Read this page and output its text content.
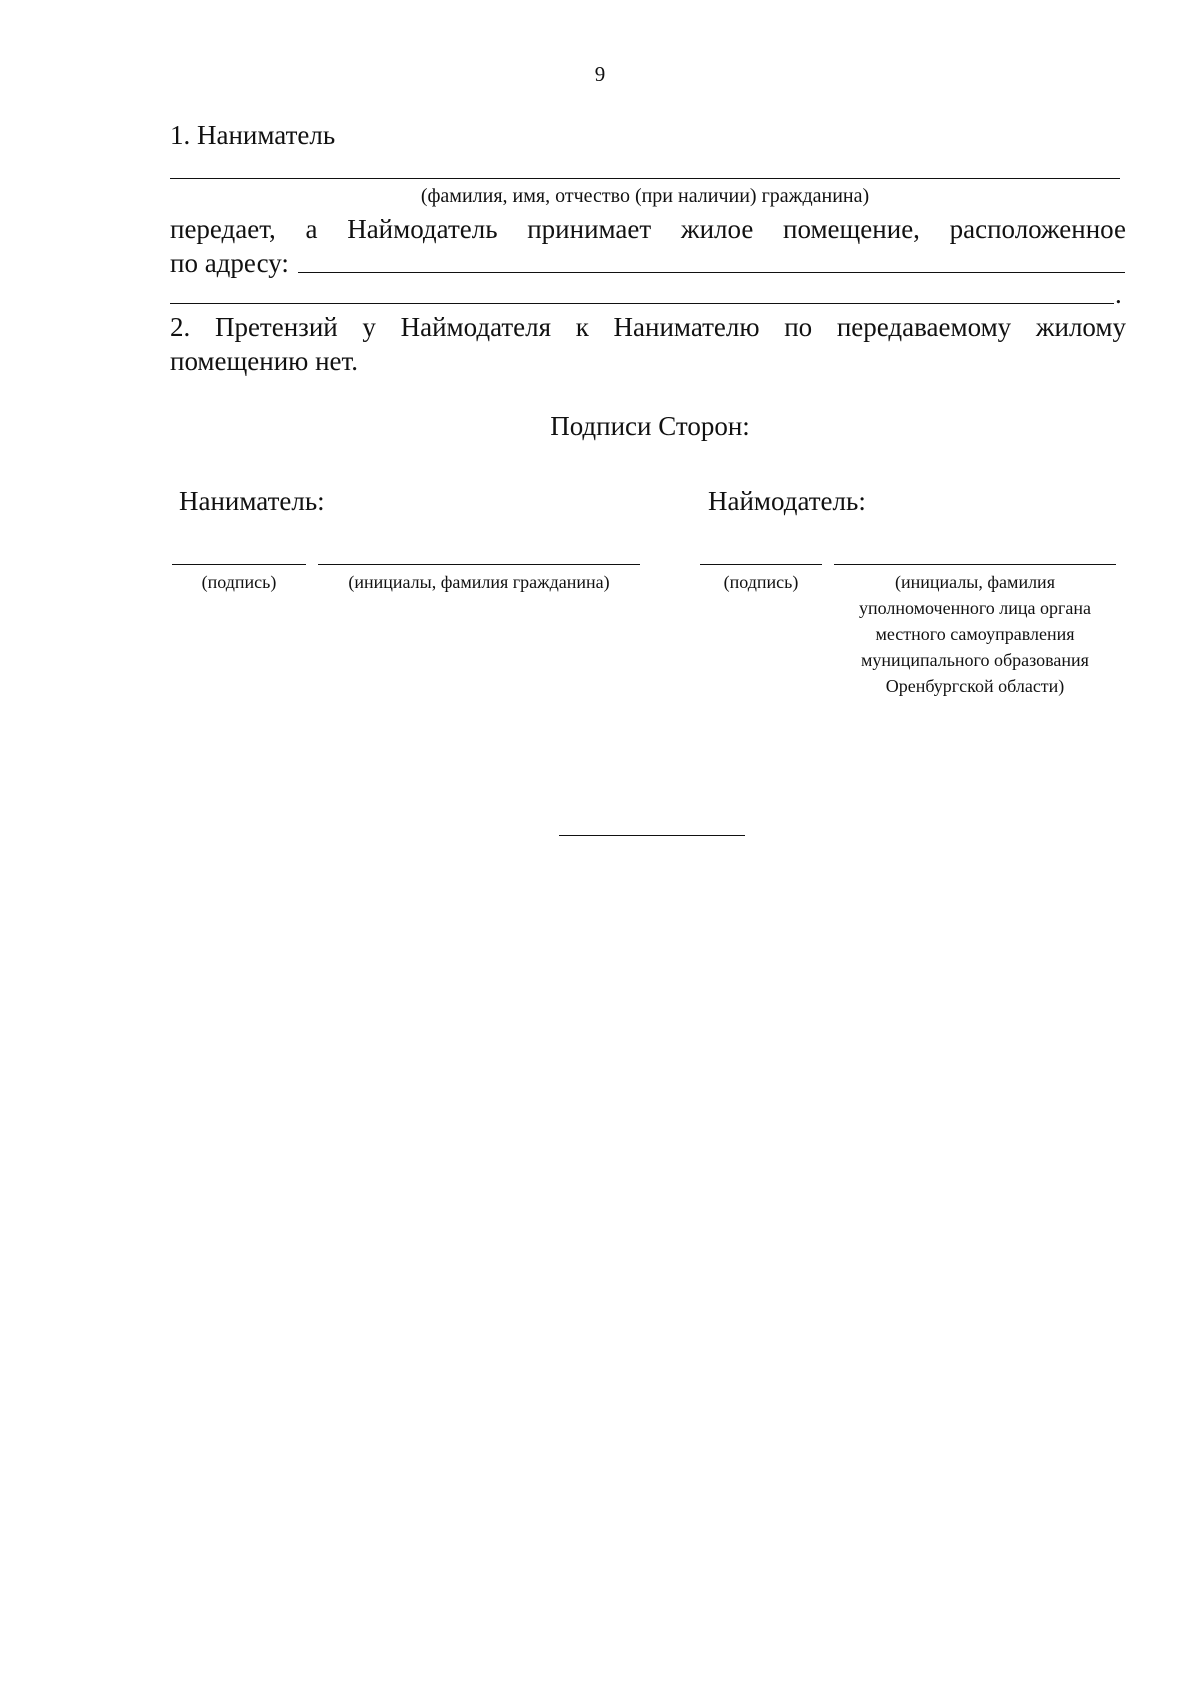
9
1. Наниматель
(фамилия, имя, отчество (при наличии) гражданина)
передает, а Наймодатель принимает жилое помещение, расположенное
по адресу:
.
2. Претензий у Наймодателя к Нанимателю по передаваемому жилому
помещению нет.
Подписи Сторон:
Наниматель:	Наймодатель:
(подпись)	(инициалы, фамилия гражданина)	(подпись)	(инициалы, фамилия
уполномоченного лица органа
местного самоуправления
муниципального образования
Оренбургской области)
